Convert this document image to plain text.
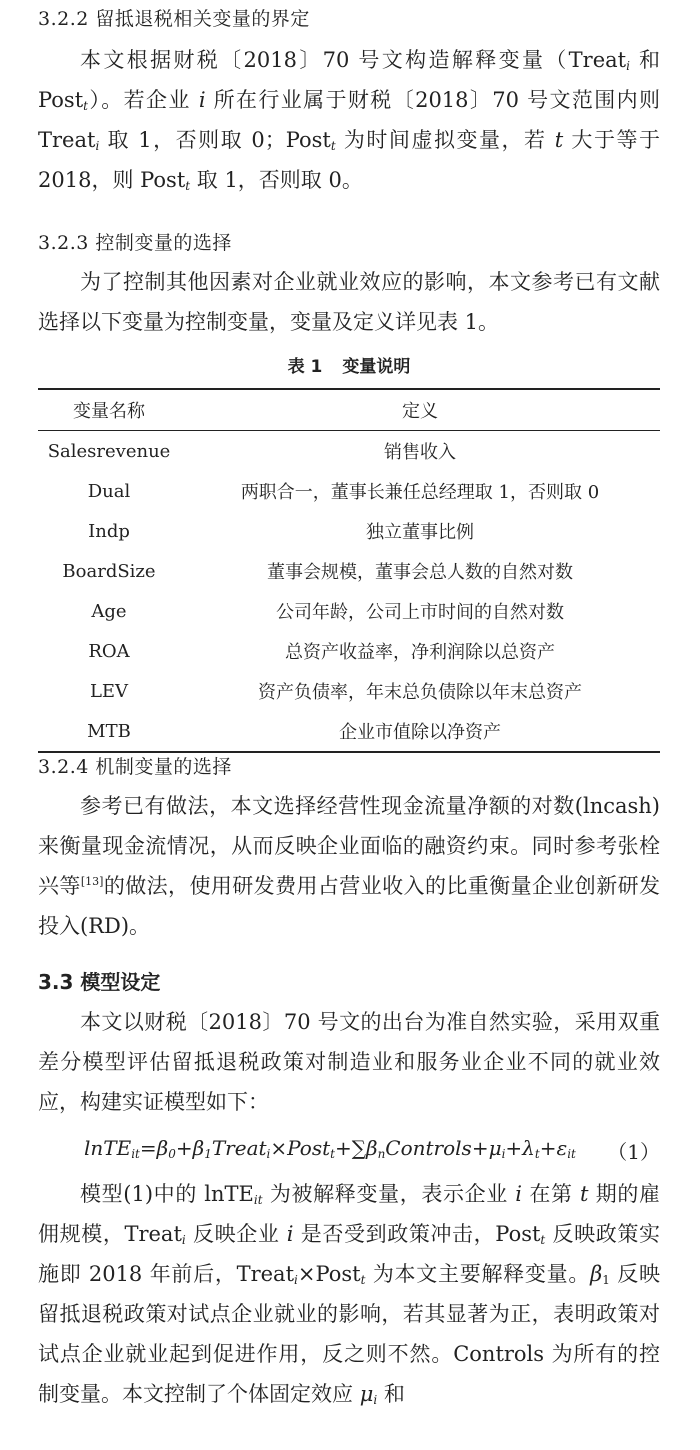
3.2.2 留抵退税相关变量的界定

本文根据财税〔2018〕70 号文构造解释变量（Treat$_i$ 和 Post$_t$）。若企业 i 所在行业属于财税〔2018〕70 号文范围内则 Treat$_i$ 取 1，否则取 0；Post$_t$ 为时间虚拟变量，若 t 大于等于 2018，则 Post$_t$ 取 1，否则取 0。

3.2.3 控制变量的选择

为了控制其他因素对企业就业效应的影响，本文参考已有文献选择以下变量为控制变量，变量及定义详见表 1。

表 1 变量说明
变量名称	定义
Salesrevenue	销售收入
Dual	两职合一，董事长兼任总经理取 1，否则取 0
Indp	独立董事比例
BoardSize	董事会规模，董事会总人数的自然对数
Age	公司年龄，公司上市时间的自然对数
ROA	总资产收益率，净利润除以总资产
LEV	资产负债率，年末总负债除以年末总资产
MTB	企业市值除以净资产
3.2.4 机制变量的选择

参考已有做法，本文选择经营性现金流量净额的对数(lncash)来衡量现金流情况，从而反映企业面临的融资约束。同时参考张栓兴等[13]的做法，使用研发费用占营业收入的比重衡量企业创新研发投入(RD)。

3.3 模型设定

本文以财税〔2018〕70 号文的出台为准自然实验，采用双重差分模型评估留抵退税政策对制造业和服务业企业不同的就业效应，构建实证模型如下：

$lnTE_{it}=\beta_0+\beta_1Treat_i\times Post_t+\sum\beta_nControls+\mu_i+\lambda_t+\varepsilon_{it}$ （1）

模型(1)中的 lnTE$_{it}$ 为被解释变量，表示企业 i 在第 t 期的雇佣规模，Treat$_i$ 反映企业 i 是否受到政策冲击，Post$_t$ 反映政策实施即 2018 年前后，Treat$_i$×Post$_t$ 为本文主要解释变量。$\beta_1$ 反映留抵退税政策对试点企业就业的影响，若其显著为正，表明政策对试点企业就业起到促进作用，反之则不然。Controls 为所有的控制变量。本文控制了个体固定效应 $\mu_i$ 和
